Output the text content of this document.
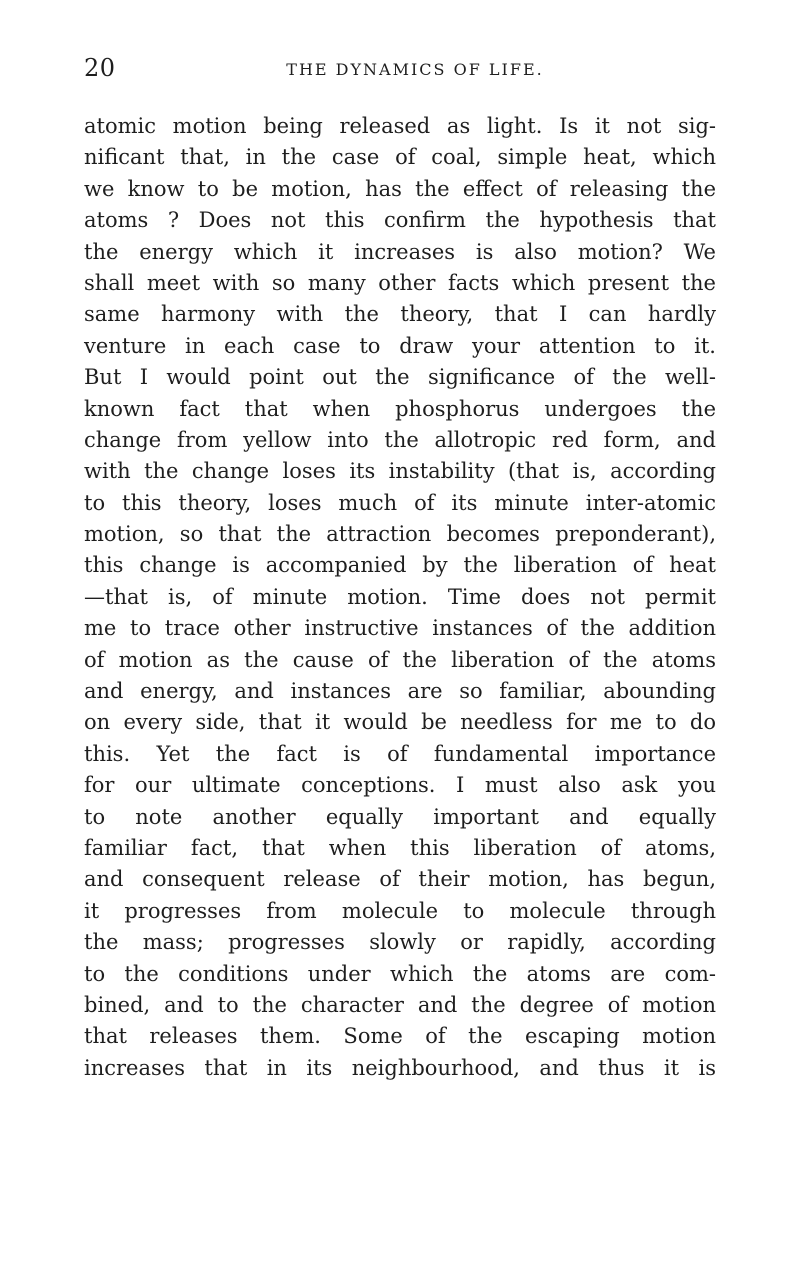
20	THE DYNAMICS OF LIFE.
atomic motion being released as light. Is it not sig-
nificant that, in the case of coal, simple heat, which
we know to be motion, has the effect of releasing the
atoms ? Does not this confirm the hypothesis that
the energy which it increases is also motion? We
shall meet with so many other facts which present the
same harmony with the theory, that I can hardly
venture in each case to draw your attention to it.
But I would point out the significance of the well-
known fact that when phosphorus undergoes the
change from yellow into the allotropic red form, and
with the change loses its instability (that is, according
to this theory, loses much of its minute inter-atomic
motion, so that the attraction becomes preponderant),
this change is accompanied by the liberation of heat
—that is, of minute motion. Time does not permit
me to trace other instructive instances of the addition
of motion as the cause of the liberation of the atoms
and energy, and instances are so familiar, abounding
on every side, that it would be needless for me to do
this. Yet the fact is of fundamental importance
for our ultimate conceptions. I must also ask you
to note another equally important and equally
familiar fact, that when this liberation of atoms,
and consequent release of their motion, has begun,
it progresses from molecule to molecule through
the mass; progresses slowly or rapidly, according
to the conditions under which the atoms are com-
bined, and to the character and the degree of motion
that releases them. Some of the escaping motion
increases that in its neighbourhood, and thus it is
